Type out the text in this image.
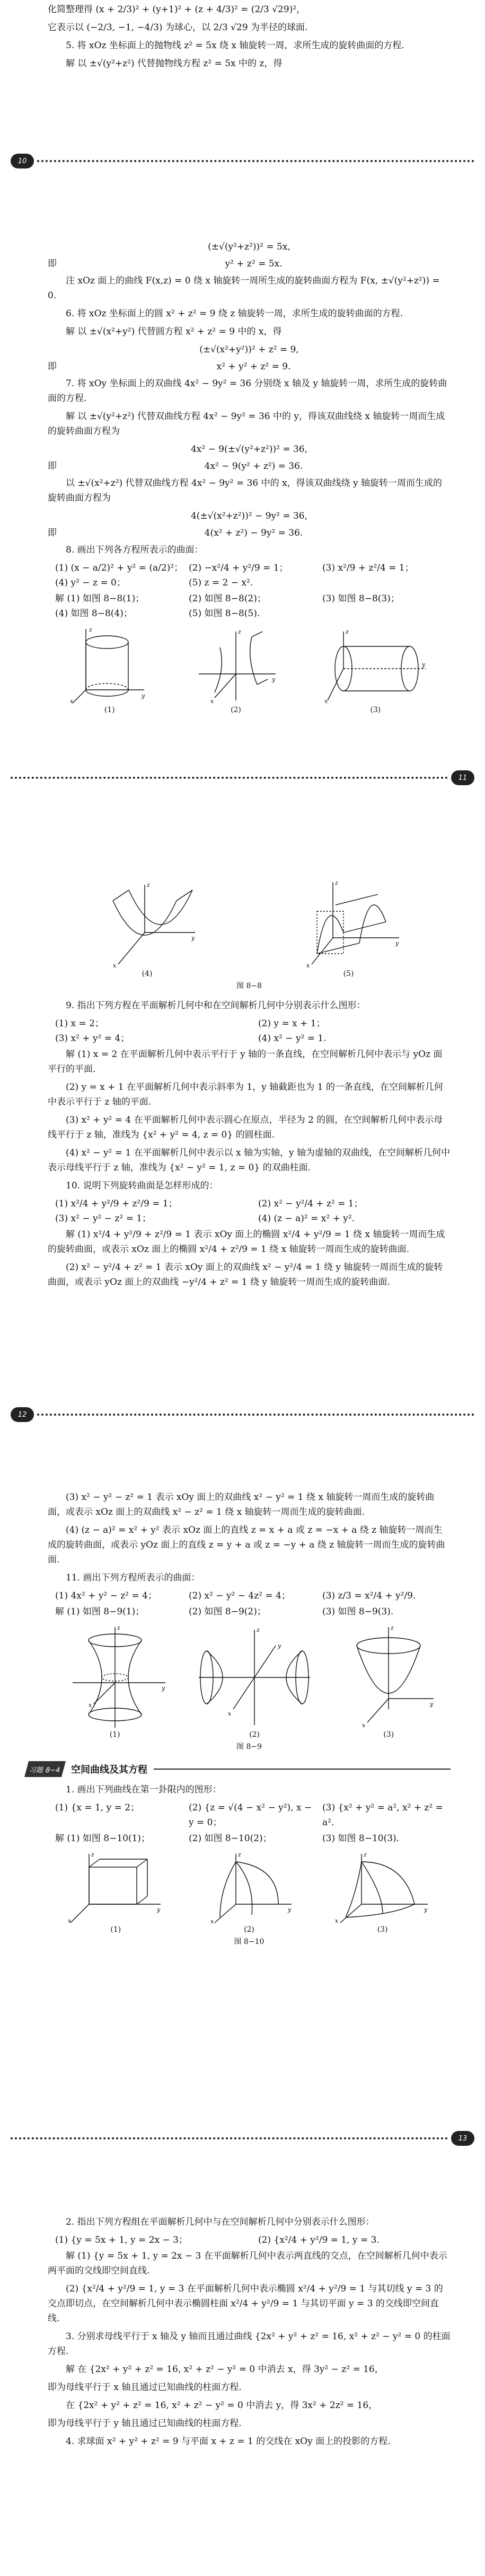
化简整理得 (x + 2/3)² + (y+1)² + (z + 4/3)² = (2/3 √29)²，

它表示以 (−2/3, −1, −4/3) 为球心，以 2/3 √29 为半径的球面.

5. 将 xOz 坐标面上的抛物线 z² = 5x 绕 x 轴旋转一周，求所生成的旋转曲面的方程.

解 以 ±√(y²+z²) 代替抛物线方程 z² = 5x 中的 z，得

10

(±√(y²+z²))² = 5x,

即	y² + z² = 5x.

注 xOz 面上的曲线 F(x,z) = 0 绕 x 轴旋转一周所生成的旋转曲面方程为 F(x, ±√(y²+z²)) = 0.

6. 将 xOz 坐标面上的圆 x² + z² = 9 绕 z 轴旋转一周，求所生成的旋转曲面的方程.

解 以 ±√(x²+y²) 代替圆方程 x² + z² = 9 中的 x，得

(±√(x²+y²))² + z² = 9,

即	x² + y² + z² = 9.

7. 将 xOy 坐标面上的双曲线 4x² − 9y² = 36 分别绕 x 轴及 y 轴旋转一周，求所生成的旋转曲面的方程.

解 以 ±√(y²+z²) 代替双曲线方程 4x² − 9y² = 36 中的 y，得该双曲线绕 x 轴旋转一周而生成的旋转曲面方程为

4x² − 9(±√(y²+z²))² = 36,

即	4x² − 9(y² + z²) = 36.

以 ±√(x²+z²) 代替双曲线方程 4x² − 9y² = 36 中的 x，得该双曲线绕 y 轴旋转一周而生成的旋转曲面方程为

4(±√(x²+z²))² − 9y² = 36,

即	4(x² + z²) − 9y² = 36.

8. 画出下列各方程所表示的曲面：

(1) (x − a/2)² + y² = (a/2)²； (2) −x²/4 + y²/9 = 1；	(3) x²/9 + z²/4 = 1；
(4) y² − z = 0；	(5) z = 2 − x².
解 (1) 如图 8−8(1)；	(2) 如图 8−8(2)；	(3) 如图 8−8(3)；
(4) 如图 8−8(4)；	(5) 如图 8−8(5).
y
z
x
(1)
y
z
x
(2)
z
y
x
(3)
11
z
y
x
(4)
z
y
x
(5)
图 8−8

9. 指出下列方程在平面解析几何中和在空间解析几何中分别表示什么图形：

(1) x = 2；	(2) y = x + 1；
(3) x² + y² = 4；	(4) x² − y² = 1.

解 (1) x = 2 在平面解析几何中表示平行于 y 轴的一条直线，在空间解析几何中表示与 yOz 面平行的平面.

(2) y = x + 1 在平面解析几何中表示斜率为 1，y 轴截距也为 1 的一条直线，在空间解析几何中表示平行于 z 轴的平面.

(3) x² + y² = 4 在平面解析几何中表示圆心在原点，半径为 2 的圆，在空间解析几何中表示母线平行于 z 轴，准线为 {x² + y² = 4, z = 0} 的圆柱面.

(4) x² − y² = 1 在平面解析几何中表示以 x 轴为实轴，y 轴为虚轴的双曲线，在空间解析几何中表示母线平行于 z 轴，准线为 {x² − y² = 1, z = 0} 的双曲柱面.

10. 说明下列旋转曲面是怎样形成的：

(1) x²/4 + y²/9 + z²/9 = 1；	(2) x² − y²/4 + z² = 1；
(3) x² − y² − z² = 1；	(4) (z − a)² = x² + y².

解 (1) x²/4 + y²/9 + z²/9 = 1 表示 xOy 面上的椭圆 x²/4 + y²/9 = 1 绕 x 轴旋转一周而生成的旋转曲面，或表示 xOz 面上的椭圆 x²/4 + z²/9 = 1 绕 x 轴旋转一周而生成的旋转曲面.

(2) x² − y²/4 + z² = 1 表示 xOy 面上的双曲线 x² − y²/4 = 1 绕 y 轴旋转一周而生成的旋转曲面，或表示 yOz 面上的双曲线 −y²/4 + z² = 1 绕 y 轴旋转一周而生成的旋转曲面.

12

(3) x² − y² − z² = 1 表示 xOy 面上的双曲线 x² − y² = 1 绕 x 轴旋转一周而生成的旋转曲面，或表示 xOz 面上的双曲线 x² − z² = 1 绕 x 轴旋转一周而生成的旋转曲面.

(4) (z − a)² = x² + y² 表示 xOz 面上的直线 z = x + a 或 z = −x + a 绕 z 轴旋转一周而生成的旋转曲面，或表示 yOz 面上的直线 z = y + a 或 z = −y + a 绕 z 轴旋转一周而生成的旋转曲面.

11. 画出下列方程所表示的曲面：

(1) 4x² + y² − z² = 4；	(2) x² − y² − 4z² = 4；	(3) z/3 = x²/4 + y²/9.
解 (1) 如图 8−9(1)；	(2) 如图 8−9(2)；	(3) 如图 8−9(3).
z
y
x
(1)
z
y
x
(2)
z
y
x
(3)
图 8−9
习题 8−4	空间曲线及其方程

1. 画出下列曲线在第一卦限内的图形：

(1) {x = 1, y = 2；	(2) {z = √(4 − x² − y²), x − y = 0；
(3) {x² + y² = a², x² + z² = a².
解 (1) 如图 8−10(1)；	(2) 如图 8−10(2)；	(3) 如图 8−10(3).
z
y
x
(1)
z
y
x
(2)
z
y
x
(3)
图 8−10
13

2. 指出下列方程组在平面解析几何中与在空间解析几何中分别表示什么图形：

(1) {y = 5x + 1, y = 2x − 3；	(2) {x²/4 + y²/9 = 1, y = 3.

解 (1) {y = 5x + 1, y = 2x − 3 在平面解析几何中表示两直线的交点，在空间解析几何中表示两平面的交线即空间直线.

(2) {x²/4 + y²/9 = 1, y = 3 在平面解析几何中表示椭圆 x²/4 + y²/9 = 1 与其切线 y = 3 的交点即切点，在空间解析几何中表示椭圆柱面 x²/4 + y²/9 = 1 与其切平面 y = 3 的交线即空间直线.

3. 分别求母线平行于 x 轴及 y 轴而且通过曲线 {2x² + y² + z² = 16, x² + z² − y² = 0 的柱面方程.

解 在 {2x² + y² + z² = 16, x² + z² − y² = 0 中消去 x，得 3y² − z² = 16，

即为母线平行于 x 轴且通过已知曲线的柱面方程.

在 {2x² + y² + z² = 16, x² + z² − y² = 0 中消去 y，得 3x² + 2z² = 16，

即为母线平行于 y 轴且通过已知曲线的柱面方程.

4. 求球面 x² + y² + z² = 9 与平面 x + z = 1 的交线在 xOy 面上的投影的方程.
